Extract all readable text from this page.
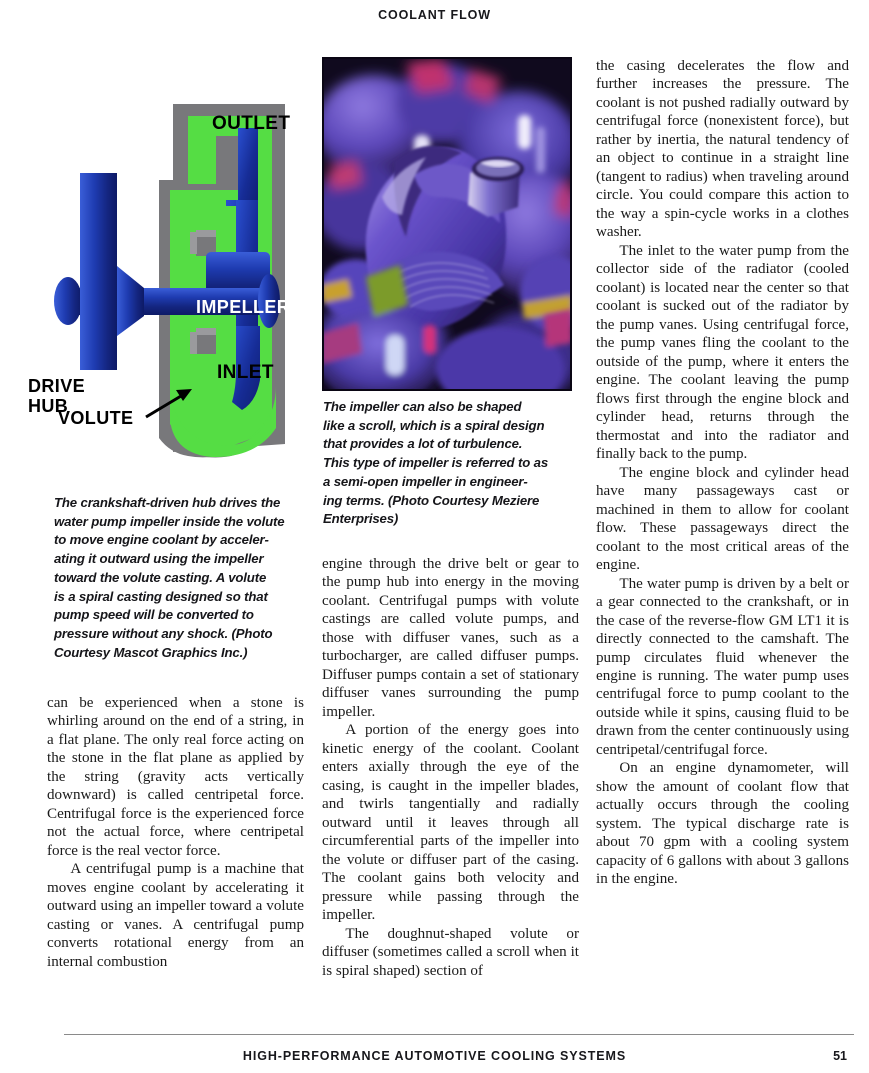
COOLANT FLOW
OUTLET
IMPELLER
INLET
DRIVE
HUB
VOLUTE
The impeller can also be shaped
like a scroll, which is a spiral design
that provides a lot of turbulence.
This type of impeller is referred to as
a semi-open impeller in engineer-
ing terms. (Photo Courtesy Meziere
Enterprises)
The crankshaft-driven hub drives the
water pump impeller inside the volute
to move engine coolant by acceler-
ating it outward using the impeller
toward the volute casting. A volute
is a spiral casting designed so that
pump speed will be converted to
pressure without any shock. (Photo
Courtesy Mascot Graphics Inc.)

can be experienced when a stone is whirling around on the end of a string, in a flat plane. The only real force acting on the stone in the flat plane as applied by the string (gravity acts vertically downward) is called centripetal force. Centrifugal force is the experienced force not the actual force, where centripetal force is the real vector force.

A centrifugal pump is a machine that moves engine coolant by accelerating it outward using an impeller toward a volute casting or vanes. A centrifugal pump converts rotational energy from an internal combustion

engine through the drive belt or gear to the pump hub into energy in the moving coolant. Centrifugal pumps with volute castings are called volute pumps, and those with diffuser vanes, such as a turbocharger, are called diffuser pumps. Diffuser pumps contain a set of stationary diffuser vanes surrounding the pump impeller.

A portion of the energy goes into kinetic energy of the coolant. Coolant enters axially through the eye of the casing, is caught in the impeller blades, and twirls tangentially and radially outward until it leaves through all circumferential parts of the impeller into the volute or diffuser part of the casing. The coolant gains both velocity and pressure while passing through the impeller.

The doughnut-shaped volute or diffuser (sometimes called a scroll when it is spiral shaped) section of

the casing decelerates the flow and further increases the pressure. The coolant is not pushed radially outward by centrifugal force (nonexistent force), but rather by inertia, the natural tendency of an object to continue in a straight line (tangent to radius) when traveling around circle. You could compare this action to the way a spin-cycle works in a clothes washer.

The inlet to the water pump from the collector side of the radiator (cooled coolant) is located near the center so that coolant is sucked out of the radiator by the pump vanes. Using centrifugal force, the pump vanes fling the coolant to the outside of the pump, where it enters the engine. The coolant leaving the pump flows first through the engine block and cylinder head, returns through the thermostat and into the radiator and finally back to the pump.

The engine block and cylinder head have many passageways cast or machined in them to allow for coolant flow. These passageways direct the coolant to the most critical areas of the engine.

The water pump is driven by a belt or a gear connected to the crankshaft, or in the case of the reverse-flow GM LT1 it is directly connected to the camshaft. The pump circulates fluid whenever the engine is running. The water pump uses centrifugal force to pump coolant to the outside while it spins, causing fluid to be drawn from the center continuously using centripetal/centrifugal force.

On an engine dynamometer, will show the amount of coolant flow that actually occurs through the cooling system. The typical discharge rate is about 70 gpm with a cooling system capacity of 6 gallons with about 3 gallons in the engine.

HIGH-PERFORMANCE AUTOMOTIVE COOLING SYSTEMS	51
